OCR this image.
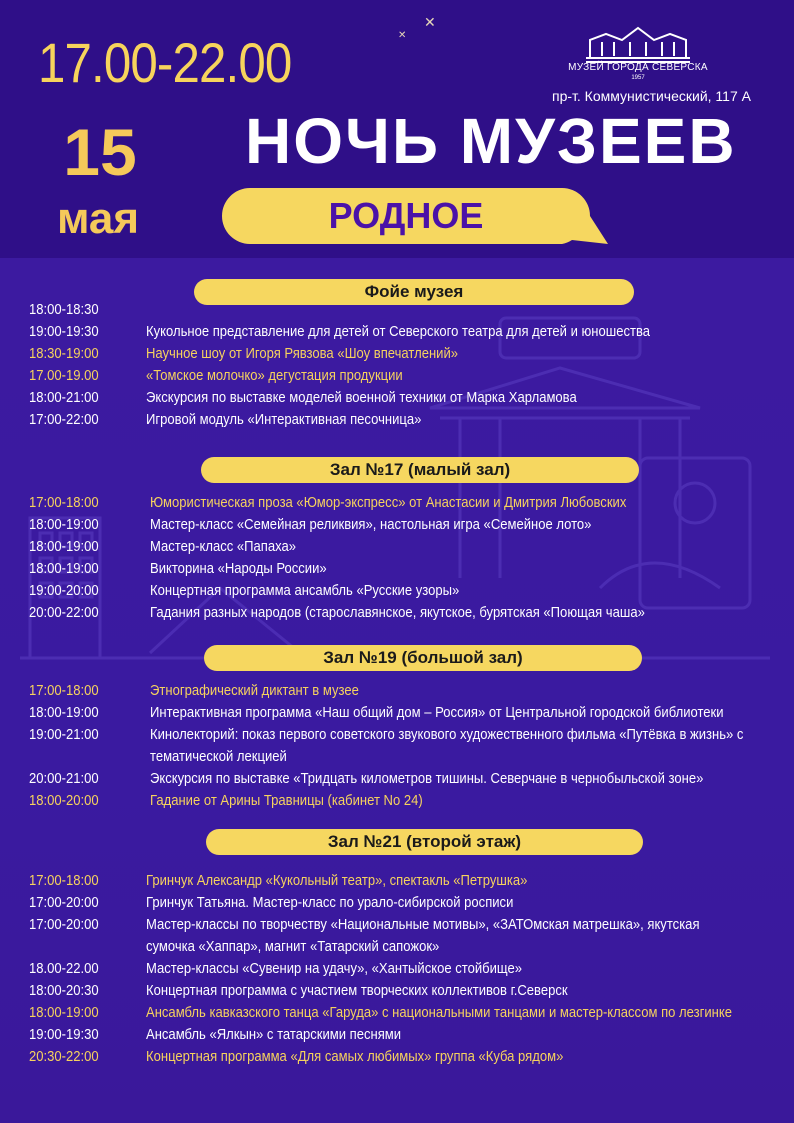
17.00-22.00
15
мая
НОЧЬ МУЗЕЕВ
РОДНОЕ
МУЗЕЙ ГОРОДА СЕВЕРСКА
1957
пр-т. Коммунистический, 117 А
✕
✕
Фойе музея
18:00-18:30
19:00-19:30	Кукольное представление для детей от Северского театра для детей и юношества
18:30-19:00	Научное шоу от Игоря Рявзова «Шоу впечатлений»
17.00-19.00	«Томское молочко» дегустация продукции
18:00-21:00	Экскурсия по выставке моделей военной техники от Марка Харламова
17:00-22:00	Игровой модуль «Интерактивная песочница»
Зал №17 (малый зал)
17:00-18:00	Юмористическая проза «Юмор-экспресс» от Анастасии и Дмитрия Любовских
18:00-19:00	Мастер-класс «Семейная реликвия», настольная игра «Семейное лото»
18:00-19:00	Мастер-класс «Папаха»
18:00-19:00	Викторина «Народы России»
19:00-20:00	Концертная программа ансамбль «Русские узоры»
20:00-22:00	Гадания разных народов (старославянское, якутское, бурятская «Поющая чаша»
Зал №19 (большой зал)
17:00-18:00	Этнографический диктант в музее
18:00-19:00	Интерактивная программа «Наш общий дом – Россия» от Центральной городской библиотеки
19:00-21:00	Кинолекторий: показ первого советского звукового художественного фильма «Путёвка в жизнь» с
тематической лекцией
20:00-21:00	Экскурсия по выставке «Тридцать километров тишины. Северчане в чернобыльской зоне»
18:00-20:00	Гадание от Арины Травницы (кабинет No 24)
Зал №21 (второй этаж)
17:00-18:00	Гринчук Александр «Кукольный театр», спектакль «Петрушка»
17:00-20:00	Гринчук Татьяна. Мастер-класс по урало-сибирской росписи
17:00-20:00	Мастер-классы по творчеству «Национальные мотивы», «ЗАТОмская матрешка», якутская
сумочка «Хаппар», магнит «Татарский сапожок»
18.00-22.00	Мастер-классы «Сувенир на удачу», «Хантыйское стойбище»
18:00-20:30	Концертная программа с участием творческих коллективов г.Северск
18:00-19:00	Ансамбль кавказского танца «Гаруда» с национальными танцами и мастер-классом по лезгинке
19:00-19:30	Ансамбль «Ялкын» с татарскими песнями
20:30-22:00	Концертная программа «Для самых любимых» группа «Куба рядом»
